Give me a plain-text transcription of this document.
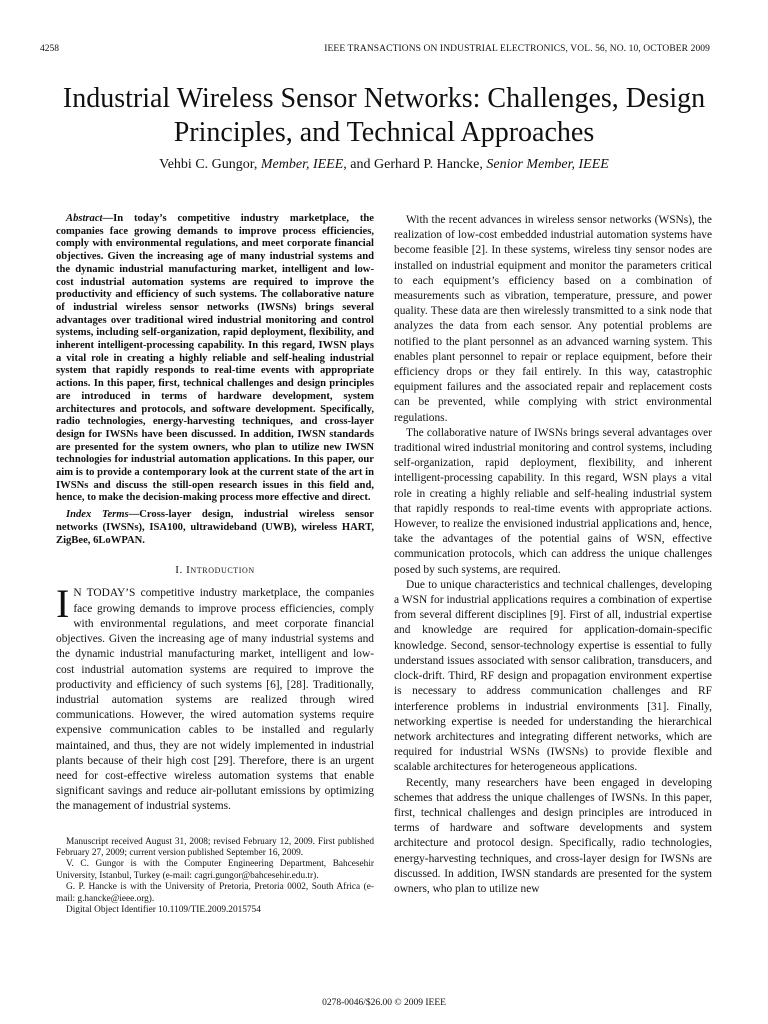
4258	IEEE TRANSACTIONS ON INDUSTRIAL ELECTRONICS, VOL. 56, NO. 10, OCTOBER 2009
Industrial Wireless Sensor Networks: Challenges, Design Principles, and Technical Approaches
Vehbi C. Gungor, Member, IEEE, and Gerhard P. Hancke, Senior Member, IEEE

Abstract—In today’s competitive industry marketplace, the companies face growing demands to improve process efficiencies, comply with environmental regulations, and meet corporate financial objectives. Given the increasing age of many industrial systems and the dynamic industrial manufacturing market, intelligent and low-cost industrial automation systems are required to improve the productivity and efficiency of such systems. The collaborative nature of industrial wireless sensor networks (IWSNs) brings several advantages over traditional wired industrial monitoring and control systems, including self-organization, rapid deployment, flexibility, and inherent intelligent-processing capability. In this regard, IWSN plays a vital role in creating a highly reliable and self-healing industrial system that rapidly responds to real-time events with appropriate actions. In this paper, first, technical challenges and design principles are introduced in terms of hardware development, system architectures and protocols, and software development. Specifically, radio technologies, energy-harvesting techniques, and cross-layer design for IWSNs have been discussed. In addition, IWSN standards are presented for the system owners, who plan to utilize new IWSN technologies for industrial automation applications. In this paper, our aim is to provide a contemporary look at the current state of the art in IWSNs and discuss the still-open research issues in this field and, hence, to make the decision-making process more effective and direct.

Index Terms—Cross-layer design, industrial wireless sensor networks (IWSNs), ISA100, ultrawideband (UWB), wireless HART, ZigBee, 6LoWPAN.

I. Introduction

I N TODAY’S competitive industry marketplace, the companies face growing demands to improve process efficiencies, comply with environmental regulations, and meet corporate financial objectives. Given the increasing age of many industrial systems and the dynamic industrial manufacturing market, intelligent and low-cost industrial automation systems are required to improve the productivity and efficiency of such systems [6], [28]. Traditionally, industrial automation systems are realized through wired communications. However, the wired automation systems require expensive communication cables to be installed and regularly maintained, and thus, they are not widely implemented in industrial plants because of their high cost [29]. Therefore, there is an urgent need for cost-effective wireless automation systems that enable significant savings and reduce air-pollutant emissions by optimizing the management of industrial systems.

Manuscript received August 31, 2008; revised February 12, 2009. First published February 27, 2009; current version published September 16, 2009.

V. C. Gungor is with the Computer Engineering Department, Bahcesehir University, Istanbul, Turkey (e-mail: cagri.gungor@bahcesehir.edu.tr).

G. P. Hancke is with the University of Pretoria, Pretoria 0002, South Africa (e-mail: g.hancke@ieee.org).

Digital Object Identifier 10.1109/TIE.2009.2015754

With the recent advances in wireless sensor networks (WSNs), the realization of low-cost embedded industrial automation systems have become feasible [2]. In these systems, wireless tiny sensor nodes are installed on industrial equipment and monitor the parameters critical to each equipment’s efficiency based on a combination of measurements such as vibration, temperature, pressure, and power quality. These data are then wirelessly transmitted to a sink node that analyzes the data from each sensor. Any potential problems are notified to the plant personnel as an advanced warning system. This enables plant personnel to repair or replace equipment, before their efficiency drops or they fail entirely. In this way, catastrophic equipment failures and the associated repair and replacement costs can be prevented, while complying with strict environmental regulations.

The collaborative nature of IWSNs brings several advantages over traditional wired industrial monitoring and control systems, including self-organization, rapid deployment, flexibility, and inherent intelligent-processing capability. In this regard, WSN plays a vital role in creating a highly reliable and self-healing industrial system that rapidly responds to real-time events with appropriate actions. However, to realize the envisioned industrial applications and, hence, take the advantages of the potential gains of WSN, effective communication protocols, which can address the unique challenges posed by such systems, are required.

Due to unique characteristics and technical challenges, developing a WSN for industrial applications requires a combination of expertise from several different disciplines [9]. First of all, industrial expertise and knowledge are required for application-domain-specific knowledge. Second, sensor-technology expertise is essential to fully understand issues associated with sensor calibration, transducers, and clock-drift. Third, RF design and propagation environment expertise is necessary to address communication challenges and RF interference problems in industrial environments [31]. Finally, networking expertise is needed for understanding the hierarchical network architectures and integrating different networks, which are required for industrial WSNs (IWSNs) to provide flexible and scalable architectures for heterogeneous applications.

Recently, many researchers have been engaged in developing schemes that address the unique challenges of IWSNs. In this paper, first, technical challenges and design principles are introduced in terms of hardware and software developments and system architecture and protocol design. Specifically, radio technologies, energy-harvesting techniques, and cross-layer design for IWSNs are discussed. In addition, IWSN standards are presented for the system owners, who plan to utilize new

0278-0046/$26.00 © 2009 IEEE
